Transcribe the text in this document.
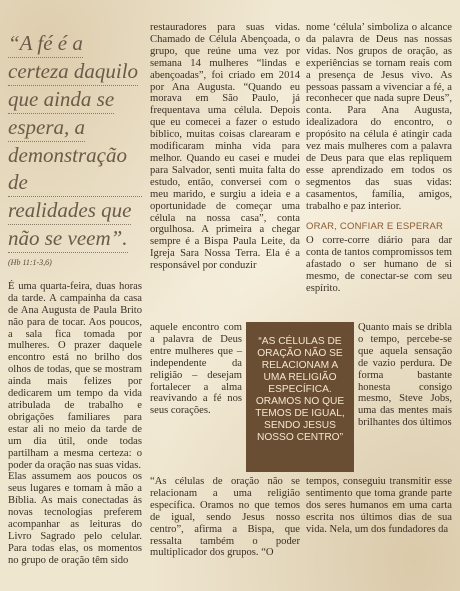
“A fé é a
certeza daquilo
que ainda se
espera, a
demonstração de
realidades que
não se veem”.
(Hb 11:1-3,6)

É uma quarta-feira, duas horas da tarde. A campainha da casa de Ana Augusta de Paula Brito não para de tocar. Aos poucos, a sala fica tomada por mulheres. O prazer daquele encontro está no brilho dos olhos de todas, que se mostram ainda mais felizes por dedicarem um tempo da vida atribulada de trabalho e obrigações familiares para estar ali no meio da tarde de um dia útil, onde todas partilham a mesma certeza: o poder da oração nas suas vidas.

Elas assumem aos poucos os seus lugares e tomam à mão a Bíblia. As mais conectadas às novas tecnologias preferem acompanhar as leituras do Livro Sagrado pelo celular. Para todas elas, os momentos no grupo de oração têm sido

restauradores para suas vidas. Chamado de Célula Abençoada, o grupo, que reúne uma vez por semana 14 mulheres “lindas e abençoadas”, foi criado em 2014 por Ana Augusta. “Quando eu morava em São Paulo, já frequentava uma célula. Depois que eu comecei a fazer o estudo bíblico, muitas coisas clarearam e modificaram minha vida para melhor. Quando eu casei e mudei para Salvador, senti muita falta do estudo, então, conversei com o meu marido, e surgiu a ideia e a oportunidade de começar uma célula na nossa casa”, conta orgulhosa. A primeira a chegar sempre é a Bispa Paula Leite, da Igreja Sara Nossa Terra. Ela é a responsável por conduzir

nome ‘célula’ simboliza o alcance da palavra de Deus nas nossas vidas. Nos grupos de oração, as experiências se tornam reais com a presença de Jesus vivo. As pessoas passam a vivenciar a fé, a reconhecer que nada supre Deus”, conta. Para Ana Augusta, idealizadora do encontro, o propósito na célula é atingir cada vez mais mulheres com a palavra de Deus para que elas repliquem esse aprendizado em todos os segmentos das suas vidas: casamentos, família, amigos, trabalho e paz interior.

ORAR, CONFIAR E ESPERAR

O corre-corre diário para dar conta de tantos compromissos tem afastado o ser humano de si mesmo, de conectar-se com seu espírito.

aquele encontro com a palavra de Deus entre mulheres que – independente da religião – desejam fortalecer a alma reavivando a fé nos seus corações.
“AS CÉLULAS DE ORAÇÃO NÃO SE RELACIONAM A UMA RELIGIÃO ESPECÍFICA. ORAMOS NO QUE TEMOS DE IGUAL, SENDO JESUS NOSSO CENTRO”
Quanto mais se dribla o tempo, percebe-se que aquela sensação de vazio perdura. De forma bastante honesta consigo mesmo, Steve Jobs, uma das mentes mais brilhantes dos últimos
“As células de oração não se relacionam a uma religião específica. Oramos no que temos de igual, sendo Jesus nosso centro”, afirma a Bispa, que ressalta também o poder multiplicador dos grupos. “O
tempos, conseguiu transmitir esse sentimento que toma grande parte dos seres humanos em uma carta escrita nos últimos dias de sua vida. Nela, um dos fundadores da
